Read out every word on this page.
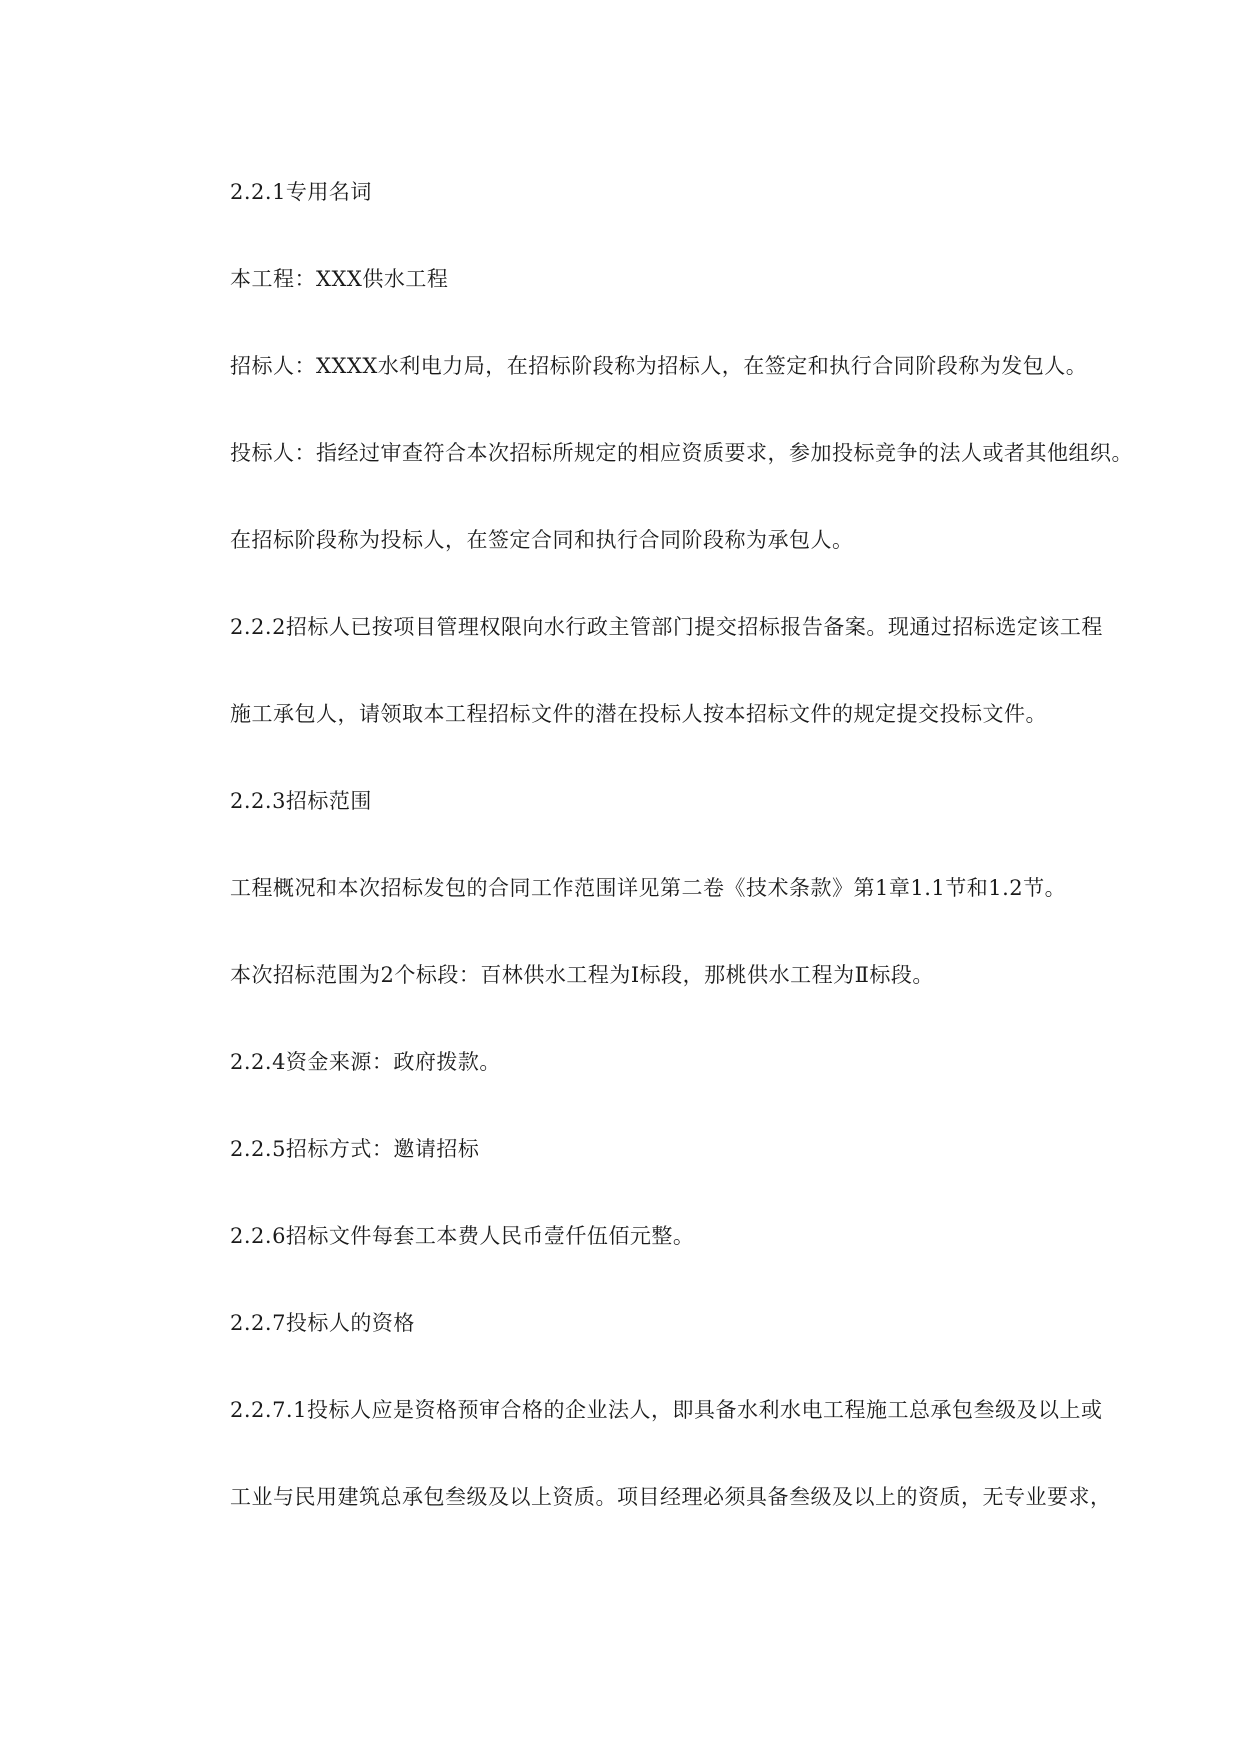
2.2.1专用名词

本工程：XXX供水工程

招标人：XXXX水利电力局，在招标阶段称为招标人，在签定和执行合同阶段称为发包人。

投标人：指经过审查符合本次招标所规定的相应资质要求，参加投标竞争的法人或者其他组织。

在招标阶段称为投标人，在签定合同和执行合同阶段称为承包人。

2.2.2招标人已按项目管理权限向水行政主管部门提交招标报告备案。现通过招标选定该工程

施工承包人，请领取本工程招标文件的潜在投标人按本招标文件的规定提交投标文件。

2.2.3招标范围

工程概况和本次招标发包的合同工作范围详见第二卷《技术条款》第1章1.1节和1.2节。

本次招标范围为2个标段：百林供水工程为Ⅰ标段，那桃供水工程为Ⅱ标段。

2.2.4资金来源：政府拨款。

2.2.5招标方式：邀请招标

2.2.6招标文件每套工本费人民币壹仟伍佰元整。

2.2.7投标人的资格

2.2.7.1投标人应是资格预审合格的企业法人，即具备水利水电工程施工总承包叁级及以上或

工业与民用建筑总承包叁级及以上资质。项目经理必须具备叁级及以上的资质，无专业要求，
